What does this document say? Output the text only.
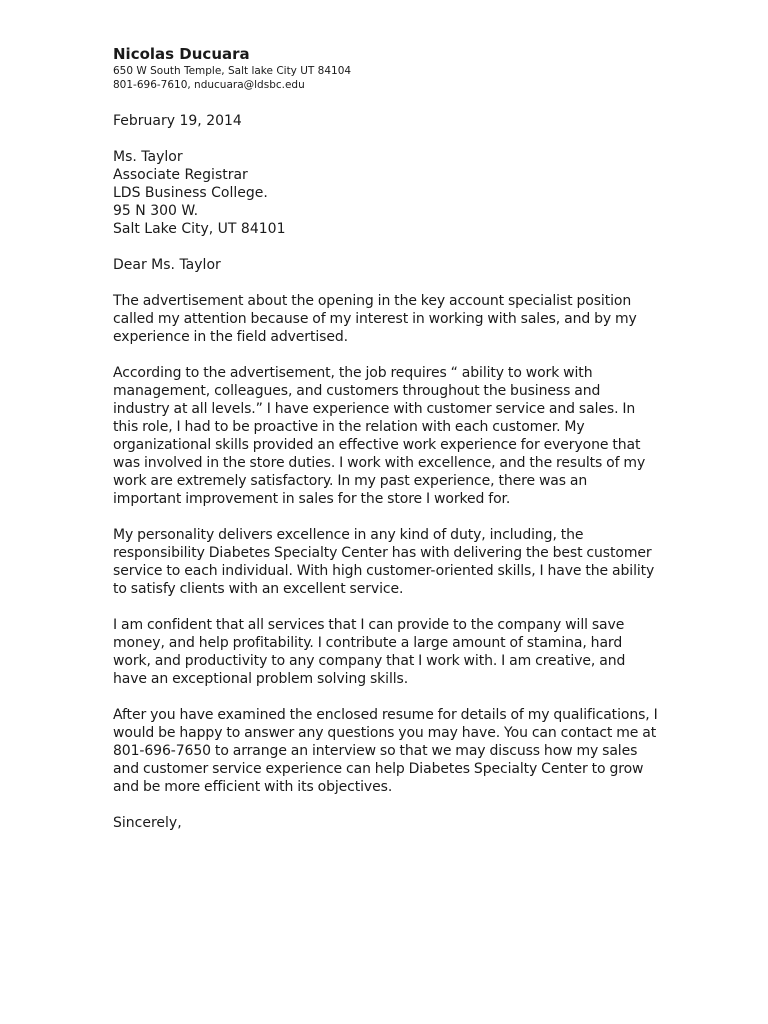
Nicolas Ducuara

650 W South Temple, Salt lake City UT 84104

801-696-7610, nducuara@ldsbc.edu

February 19, 2014

Ms. Taylor
Associate Registrar
LDS Business College.
95 N 300 W.
Salt Lake City, UT 84101

Dear Ms. Taylor

The advertisement about the opening in the key account specialist position called my attention because of my interest in working with sales, and by my experience in the field advertised.

According to the advertisement, the job requires “ ability to work with management, colleagues, and customers throughout the business and industry at all levels.” I have experience with customer service and sales. In this role, I had to be proactive in the relation with each customer. My organizational skills provided an effective work experience for everyone that was involved in the store duties. I work with excellence, and the results of my work are extremely satisfactory. In my past experience, there was an important improvement in sales for the store I worked for.

My personality delivers excellence in any kind of duty, including, the responsibility Diabetes Specialty Center has with delivering the best customer service to each individual. With high customer-oriented skills, I have the ability to satisfy clients with an excellent service.

I am confident that all services that I can provide to the company will save money, and help profitability. I contribute a large amount of stamina, hard work, and productivity to any company that I work with. I am creative, and have an exceptional problem solving skills.

After you have examined the enclosed resume for details of my qualifications, I would be happy to answer any questions you may have. You can contact me at 801-696-7650 to arrange an interview so that we may discuss how my sales and customer service experience can help Diabetes Specialty Center to grow and be more efficient with its objectives.

Sincerely,
